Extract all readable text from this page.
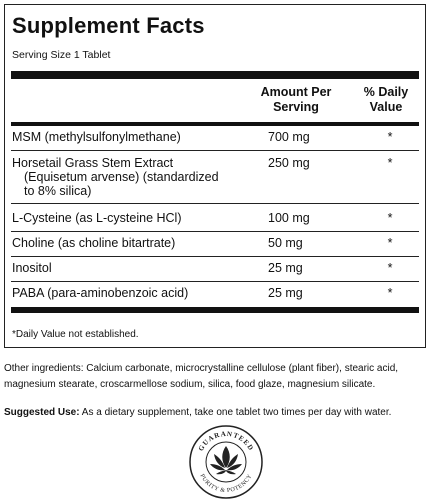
Supplement Facts
Serving Size 1 Tablet
Amount Per
Serving
% Daily
Value
MSM (methylsulfonylmethane)	700 mg	*
Horsetail Grass Stem Extract
(Equisetum arvense) (standardized
to 8% silica)
250 mg	*
L-Cysteine (as L-cysteine HCl)	100 mg	*
Choline (as choline bitartrate)	50 mg	*
Inositol	25 mg	*
PABA (para-aminobenzoic acid)	25 mg	*
*Daily Value not established.
Other ingredients: Calcium carbonate, microcrystalline cellulose (plant fiber), stearic acid,
magnesium stearate, croscarmellose sodium, silica, food glaze, magnesium silicate.
Suggested Use: As a dietary supplement, take one tablet two times per day with water.
GUARANTEED
PURITY & POTENCY
